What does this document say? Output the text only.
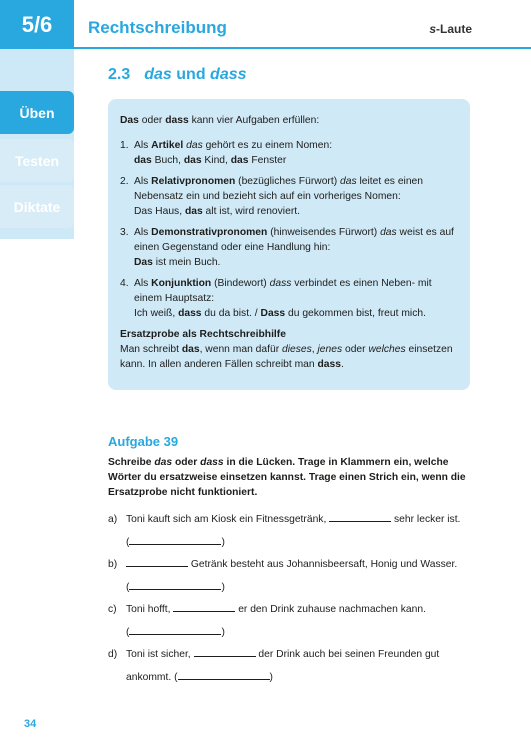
5/6 Rechtschreibung	s-Laute
Üben
Testen
Diktate
2.3 das und dass

Das oder dass kann vier Aufgaben erfüllen:

1. Als Artikel das gehört es zu einem Nomen:
das Buch, das Kind, das Fenster
2. Als Relativpronomen (bezügliches Fürwort) das leitet es einen Nebensatz ein und bezieht sich auf ein vorheriges Nomen:
Das Haus, das alt ist, wird renoviert.
3. Als Demonstrativpronomen (hinweisendes Fürwort) das weist es auf einen Gegenstand oder eine Handlung hin:
Das ist mein Buch.
4. Als Konjunktion (Bindewort) dass verbindet es einen Neben- mit einem Hauptsatz:
Ich weiß, dass du da bist. / Dass du gekommen bist, freut mich.

Ersatzprobe als Rechtschreibhilfe

Man schreibt das, wenn man dafür dieses, jenes oder welches einsetzen kann. In allen anderen Fällen schreibt man dass.

Aufgabe 39
Schreibe das oder dass in die Lücken. Trage in Klammern ein, welche Wörter du ersatzweise einsetzen kannst. Trage einen Strich ein, wenn die Ersatzprobe nicht funktioniert.
a) Toni kauft sich am Kiosk ein Fitnessgetränk,	sehr lecker ist.
(	)
b)	Getränk besteht aus Johannisbeersaft, Honig und Wasser.
(	)
c) Toni hofft,	er den Drink zuhause nachmachen kann.
(	)
d) Toni ist sicher,	der Drink auch bei seinen Freunden gut
ankommt. (	)
34
